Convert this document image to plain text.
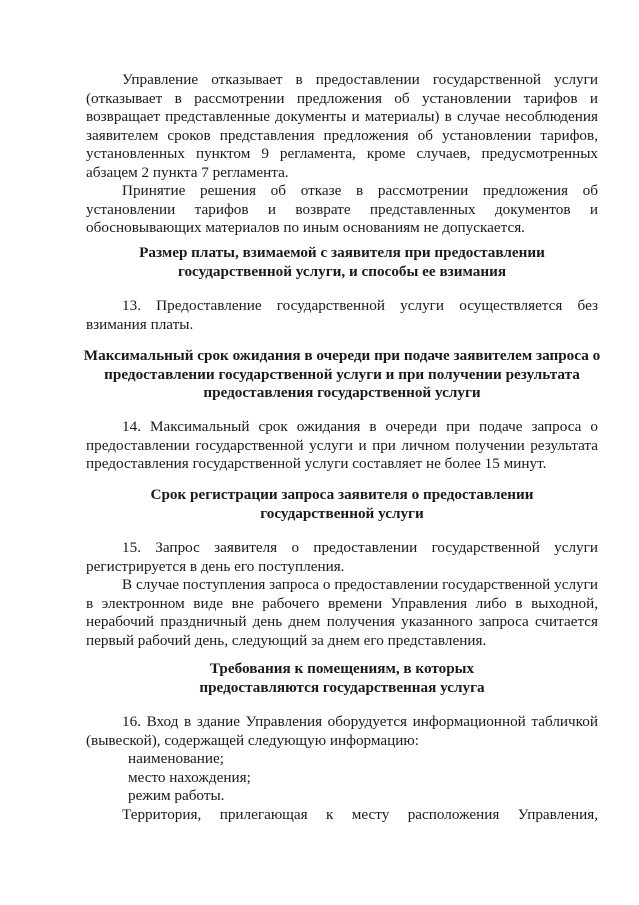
Управление отказывает в предоставлении государственной услуги (отказывает в рассмотрении предложения об установлении тарифов и возвращает представленные документы и материалы) в случае несоблюдения заявителем сроков представления предложения об установлении тарифов, установленных пунктом 9 регламента, кроме случаев, предусмотренных абзацем 2 пункта 7 регламента.

Принятие решения об отказе в рассмотрении предложения об установлении тарифов и возврате представленных документов и обосновывающих материалов по иным основаниям не допускается.

Размер платы, взимаемой с заявителя при предоставлении государственной услуги, и способы ее взимания

13. Предоставление государственной услуги осуществляется без взимания платы.

Максимальный срок ожидания в очереди при подаче заявителем запроса о предоставлении государственной услуги и при получении результата предоставления государственной услуги

14. Максимальный срок ожидания в очереди при подаче запроса о предоставлении государственной услуги и при личном получении результата предоставления государственной услуги составляет не более 15 минут.

Срок регистрации запроса заявителя о предоставлении государственной услуги

15. Запрос заявителя о предоставлении государственной услуги регистрируется в день его поступления.

В случае поступления запроса о предоставлении государственной услуги в электронном виде вне рабочего времени Управления либо в выходной, нерабочий праздничный день днем получения указанного запроса считается первый рабочий день, следующий за днем его представления.

Требования к помещениям, в которых предоставляются государственная услуга

16. Вход в здание Управления оборудуется информационной табличкой (вывеской), содержащей следующую информацию:

наименование;

место нахождения;

режим работы.

Территория, прилегающая к месту расположения Управления,
